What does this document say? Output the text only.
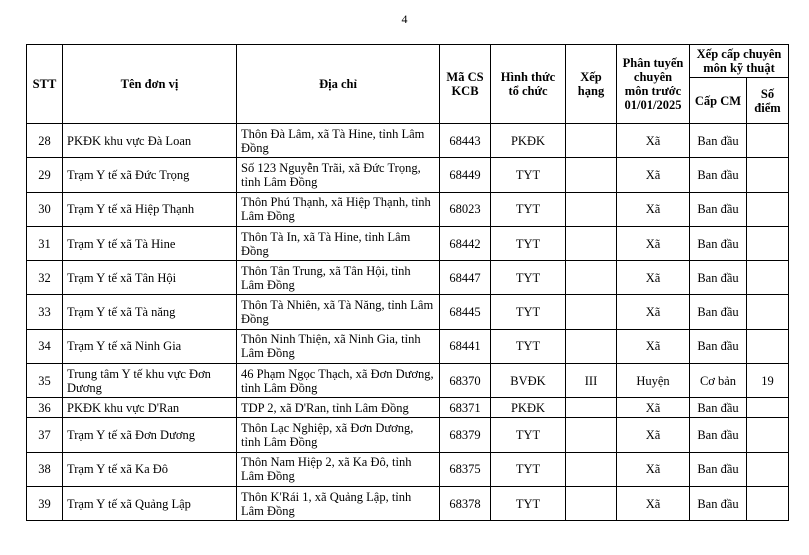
4
STT	Tên đơn vị	Địa chỉ	Mã CS KCB	Hình thức tổ chức	Xếp hạng	Phân tuyến chuyên môn trước 01/01/2025	Xếp cấp chuyên môn kỹ thuật	
							Cấp CM	Số điểm
28	PKĐK khu vực Đà Loan	Thôn Đà Lâm, xã Tà Hine, tỉnh Lâm Đồng	68443	PKĐK		Xã	Ban đầu	
29	Trạm Y tế xã Đức Trọng	Số 123 Nguyễn Trãi, xã Đức Trọng, tỉnh Lâm Đồng	68449	TYT		Xã	Ban đầu	
30	Trạm Y tế xã Hiệp Thạnh	Thôn Phú Thạnh, xã Hiệp Thạnh, tỉnh Lâm Đồng	68023	TYT		Xã	Ban đầu	
31	Trạm Y tế xã Tà Hine	Thôn Tà In, xã Tà Hine, tỉnh Lâm Đồng	68442	TYT		Xã	Ban đầu	
32	Trạm Y tế xã Tân Hội	Thôn Tân Trung, xã Tân Hội, tỉnh Lâm Đồng	68447	TYT		Xã	Ban đầu	
33	Trạm Y tế xã Tà năng	Thôn Tà Nhiên, xã Tà Năng, tỉnh Lâm Đồng	68445	TYT		Xã	Ban đầu	
34	Trạm Y tế xã Ninh Gia	Thôn Ninh Thiện, xã Ninh Gia, tỉnh Lâm Đồng	68441	TYT		Xã	Ban đầu	
35	Trung tâm Y tế khu vực Đơn Dương	46 Phạm Ngọc Thạch, xã Đơn Dương, tỉnh Lâm Đồng	68370	BVĐK	III	Huyện	Cơ bản	19
36	PKĐK khu vực D'Ran	TDP 2, xã D'Ran, tỉnh Lâm Đồng	68371	PKĐK		Xã	Ban đầu	
37	Trạm Y tế xã Đơn Dương	Thôn Lạc Nghiệp, xã Đơn Dương, tỉnh Lâm Đồng	68379	TYT		Xã	Ban đầu	
38	Trạm Y tế xã Ka Đô	Thôn Nam Hiệp 2, xã Ka Đô, tỉnh Lâm Đồng	68375	TYT		Xã	Ban đầu	
39	Trạm Y tế xã Quảng Lập	Thôn K'Rái 1, xã Quảng Lập, tỉnh Lâm Đồng	68378	TYT		Xã	Ban đầu	
